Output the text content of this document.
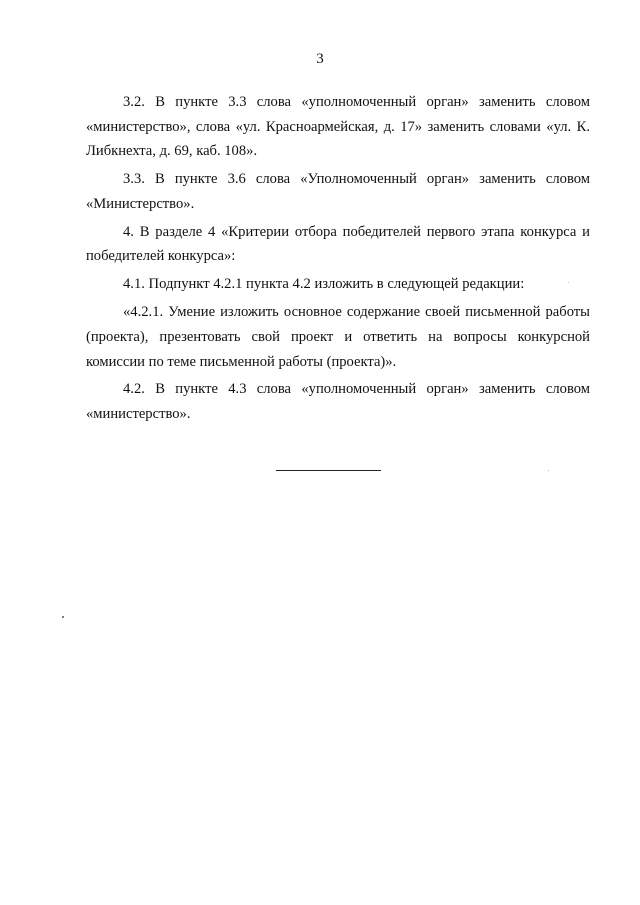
3

3.2. В пункте 3.3 слова «уполномоченный орган» заменить словом «министерство», слова «ул. Красноармейская, д. 17» заменить словами «ул. К. Либкнехта, д. 69, каб. 108».

3.3. В пункте 3.6 слова «Уполномоченный орган» заменить словом «Министерство».

4. В разделе 4 «Критерии отбора победителей первого этапа конкурса и победителей конкурса»:

4.1. Подпункт 4.2.1 пункта 4.2 изложить в следующей редакции:

«4.2.1. Умение изложить основное содержание своей письменной работы (проекта), презентовать свой проект и ответить на вопросы конкурсной комиссии по теме письменной работы (проекта)».

4.2. В пункте 4.3 слова «уполномоченный орган» заменить словом «министерство».
